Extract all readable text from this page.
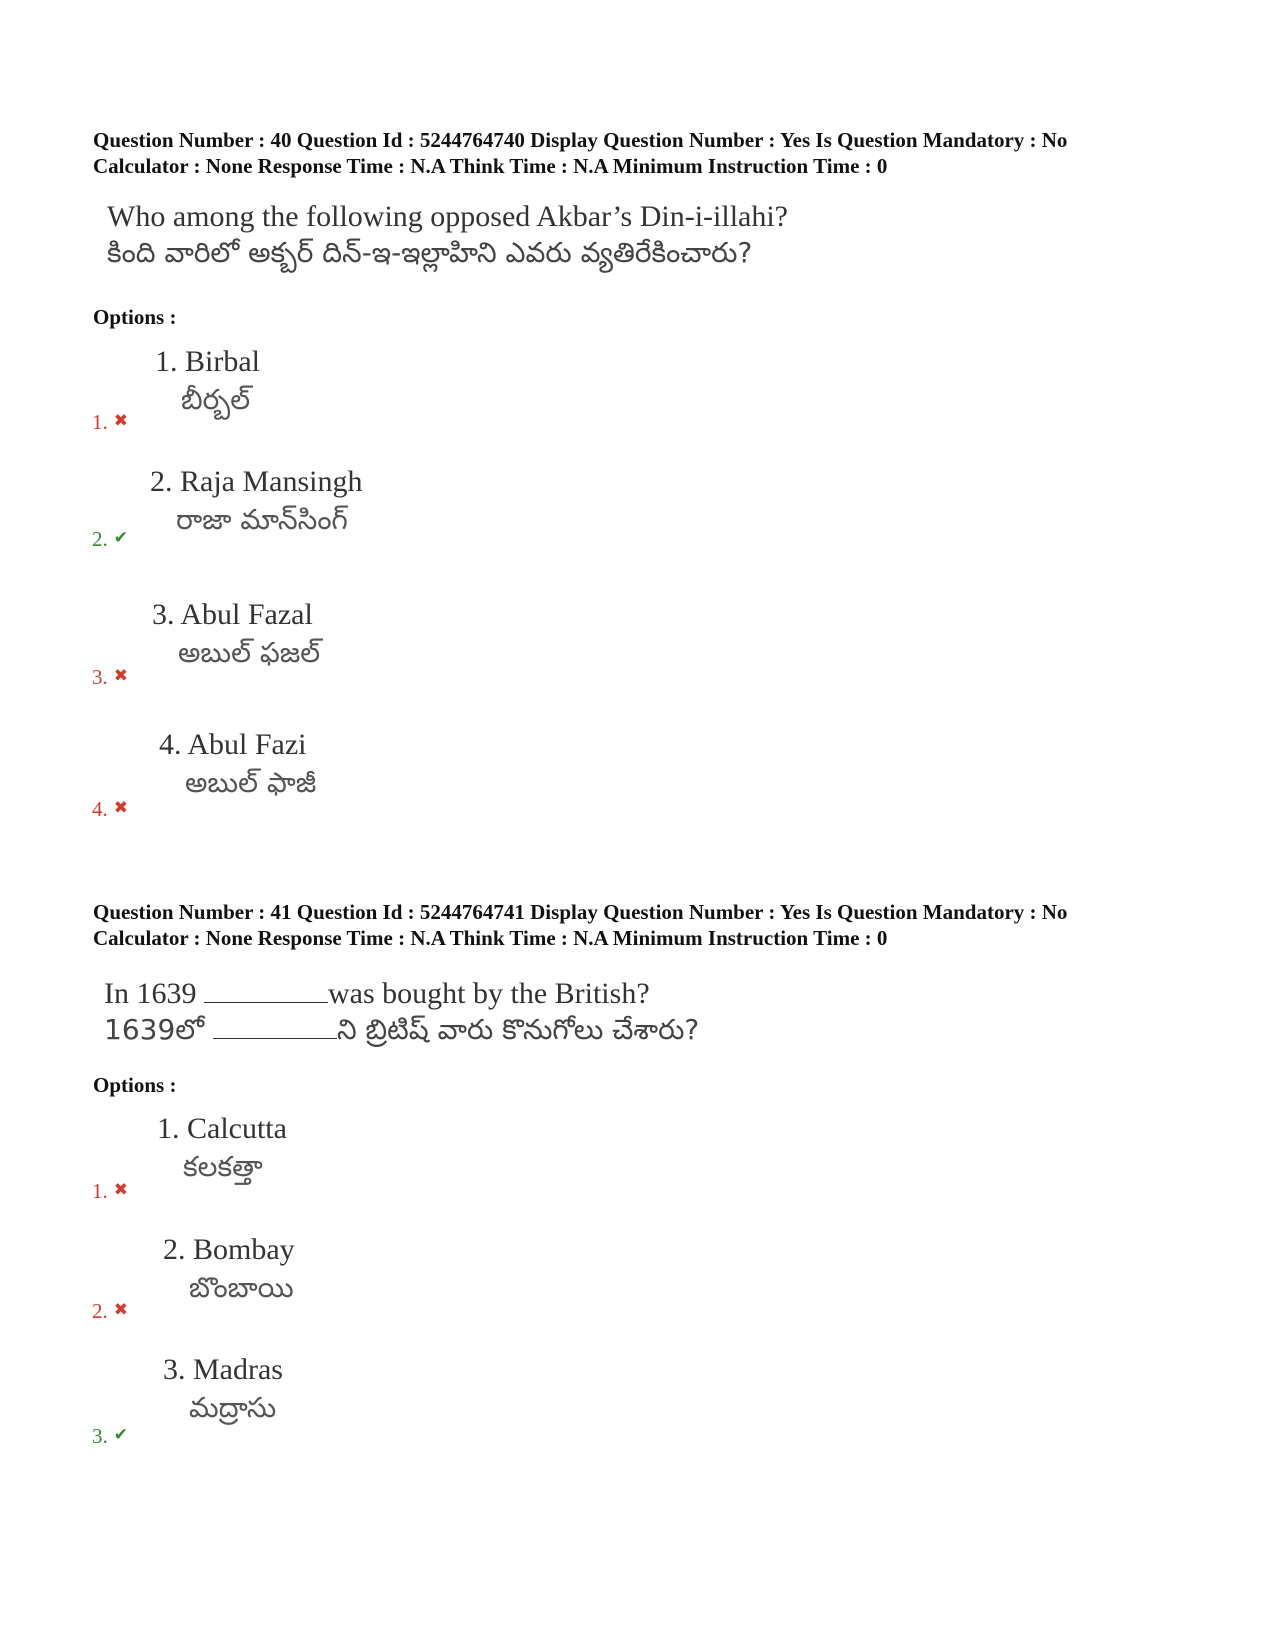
Question Number : 40 Question Id : 5244764740 Display Question Number : Yes Is Question Mandatory : No
Calculator : None Response Time : N.A Think Time : N.A Minimum Instruction Time : 0
Who among the following opposed Akbar’s Din-i-illahi?
కింది వారిలో అక్బర్ దిన్-ఇ-ఇల్లాహిని ఎవరు వ్యతిరేకించారు?
Options :
1. Birbal
బీర్బల్
1. ✖
2. Raja Mansingh
రాజా మాన్‌సింగ్
2. ✔
3. Abul Fazal
అబుల్ ఫజల్
3. ✖
4. Abul Fazi
అబుల్ ఫాజీ
4. ✖
Question Number : 41 Question Id : 5244764741 Display Question Number : Yes Is Question Mandatory : No
Calculator : None Response Time : N.A Think Time : N.A Minimum Instruction Time : 0
In 1639	was bought by the British?
1639లో	ని బ్రిటిష్ వారు కొనుగోలు చేశారు?
Options :
1. Calcutta
కలకత్తా
1. ✖
2. Bombay
బొంబాయి
2. ✖
3. Madras
మద్రాసు
3. ✔
